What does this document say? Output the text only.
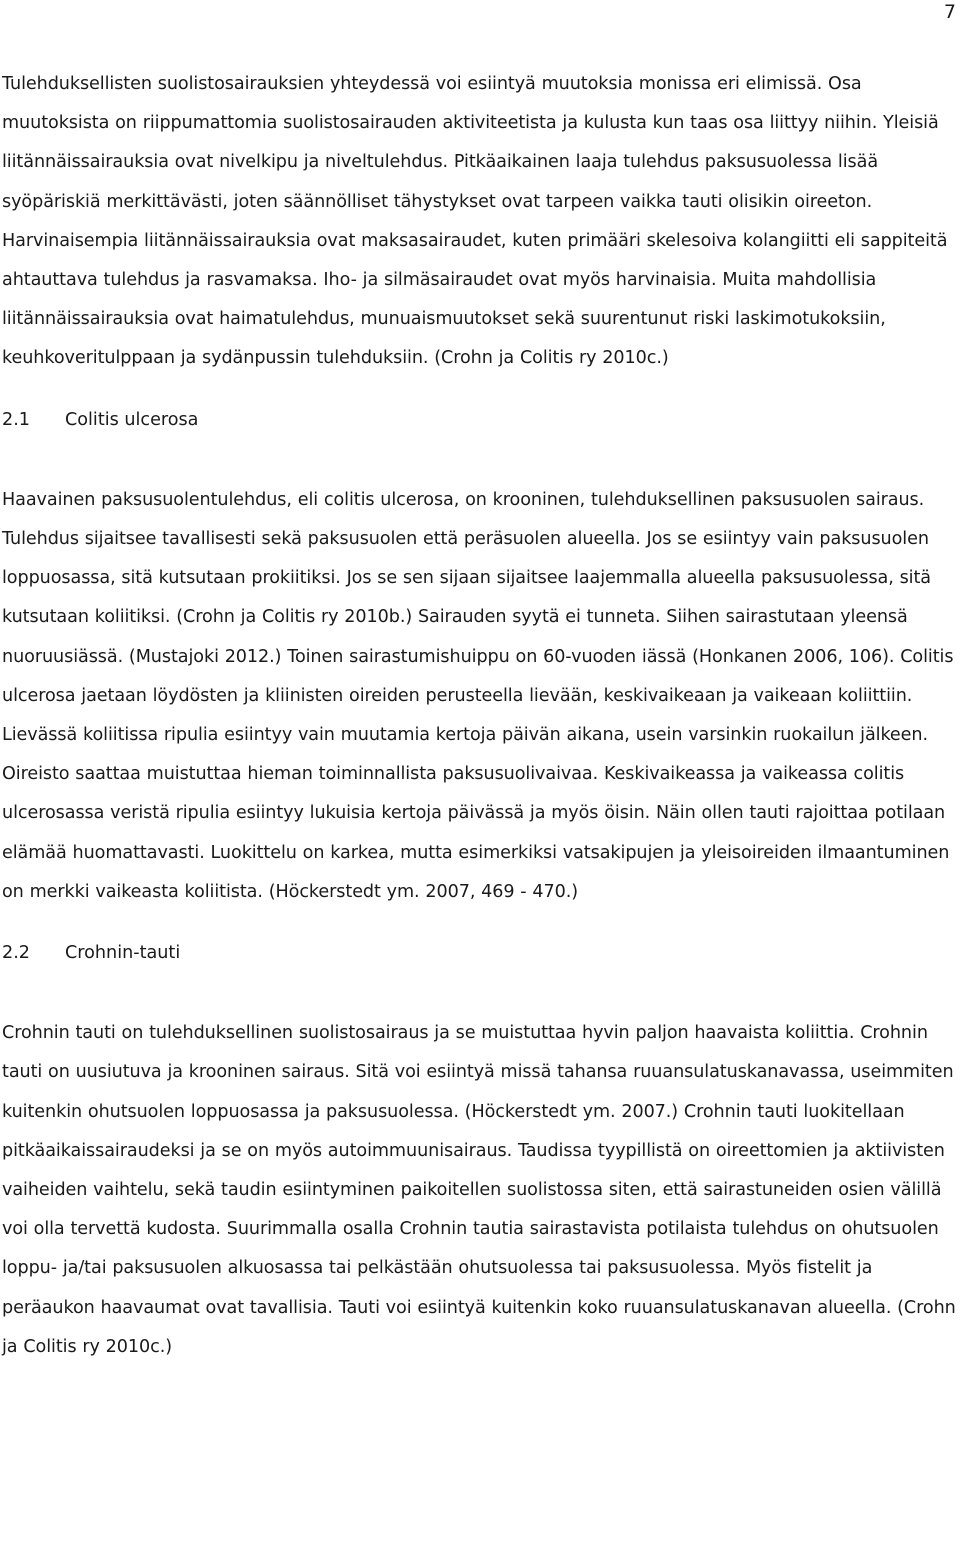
7

Tulehduksellisten suolistosairauksien yhteydessä voi esiintyä muutoksia monissa eri elimissä. Osa muutoksista on riippumattomia suolistosairauden aktiviteetista ja kulusta kun taas osa liittyy niihin. Yleisiä liitännäissairauksia ovat nivelkipu ja niveltulehdus. Pitkäaikainen laaja tulehdus paksusuolessa lisää syöpäriskiä merkittävästi, joten säännölliset tähystykset ovat tarpeen vaikka tauti olisikin oireeton. Harvinaisempia liitännäissairauksia ovat maksasairaudet, kuten primääri skelesoiva kolangiitti eli sappiteitä ahtauttava tulehdus ja rasvamaksa. Iho- ja silmäsairaudet ovat myös harvinaisia. Muita mahdollisia liitännäissairauksia ovat haimatulehdus, munuaismuutokset sekä suurentunut riski laskimotukoksiin, keuhkoveritulppaan ja sydänpussin tulehduksiin. (Crohn ja Colitis ry 2010c.)

2.1	Colitis ulcerosa

Haavainen paksusuolentulehdus, eli colitis ulcerosa, on krooninen, tulehduksellinen paksusuolen sairaus. Tulehdus sijaitsee tavallisesti sekä paksusuolen että peräsuolen alueella. Jos se esiintyy vain paksusuolen loppuosassa, sitä kutsutaan prokiitiksi. Jos se sen sijaan sijaitsee laajemmalla alueella paksusuolessa, sitä kutsutaan koliitiksi. (Crohn ja Colitis ry 2010b.) Sairauden syytä ei tunneta. Siihen sairastutaan yleensä nuoruusiässä. (Mustajoki 2012.) Toinen sairastumishuippu on 60-vuoden iässä (Honkanen 2006, 106). Colitis ulcerosa jaetaan löydösten ja kliinisten oireiden perusteella lievään, keskivaikeaan ja vaikeaan koliittiin. Lievässä koliitissa ripulia esiintyy vain muutamia kertoja päivän aikana, usein varsinkin ruokailun jälkeen. Oireisto saattaa muistuttaa hieman toiminnallista paksusuolivaivaa. Keskivaikeassa ja vaikeassa colitis ulcerosassa veristä ripulia esiintyy lukuisia kertoja päivässä ja myös öisin. Näin ollen tauti rajoittaa potilaan elämää huomattavasti. Luokittelu on karkea, mutta esimerkiksi vatsakipujen ja yleisoireiden ilmaantuminen on merkki vaikeasta koliitista. (Höckerstedt ym. 2007, 469 - 470.)

2.2	Crohnin-tauti

Crohnin tauti on tulehduksellinen suolistosairaus ja se muistuttaa hyvin paljon haavaista koliittia. Crohnin tauti on uusiutuva ja krooninen sairaus. Sitä voi esiintyä missä tahansa ruuansulatuskanavassa, useimmiten kuitenkin ohutsuolen loppuosassa ja paksusuolessa. (Höckerstedt ym. 2007.) Crohnin tauti luokitellaan pitkäaikaissairaudeksi ja se on myös autoimmuunisairaus. Taudissa tyypillistä on oireettomien ja aktiivisten vaiheiden vaihtelu, sekä taudin esiintyminen paikoitellen suolistossa siten, että sairastuneiden osien välillä voi olla tervettä kudosta. Suurimmalla osalla Crohnin tautia sairastavista potilaista tulehdus on ohutsuolen loppu- ja/tai paksusuolen alkuosassa tai pelkästään ohutsuolessa tai paksusuolessa. Myös fistelit ja peräaukon haavaumat ovat tavallisia. Tauti voi esiintyä kuitenkin koko ruuansulatuskanavan alueella. (Crohn ja Colitis ry 2010c.)
